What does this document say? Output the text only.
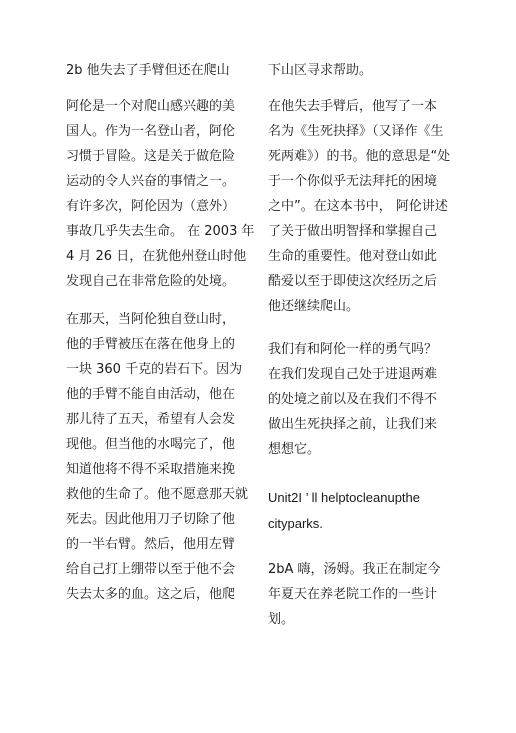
2b 他失去了手臂但还在爬山
阿伦是一个对爬山感兴趣的美
国人。作为一名登山者，阿伦
习惯于冒险。这是关于做危险
运动的令人兴奋的事情之一。
有许多次，阿伦因为（意外）
事故几乎失去生命。 在 2003 年
4 月 26 日，在犹他州登山时他
发现自己在非常危险的处境。
在那天，当阿伦独自登山时，
他的手臂被压在落在他身上的
一块 360 千克的岩石下。因为
他的手臂不能自由活动，他在
那儿待了五天，希望有人会发
现他。但当他的水喝完了，他
知道他将不得不采取措施来挽
救他的生命了。他不愿意那天就
死去。因此他用刀子切除了他
的一半右臂。然后，他用左臂
给自己打上绷带以至于他不会
失去太多的血。这之后，他爬
下山区寻求帮助。
在他失去手臂后，他写了一本
名为《生死抉择》（又译作《生
死两难》）的书。他的意思是“处
于一个你似乎无法拜托的困境
之中”。在这本书中， 阿伦讲述
了关于做出明智择和掌握自己
生命的重要性。他对登山如此
酷爱以至于即使这次经历之后
他还继续爬山。
我们有和阿伦一样的勇气吗？
在我们发现自己处于进退两难
的处境之前以及在我们不得不
做出生死抉择之前，让我们来
想想它。
Unit2I ’ ll helptocleanupthe
cityparks.
2bA 嗨，汤姆。我正在制定今
年夏天在养老院工作的一些计
划。
